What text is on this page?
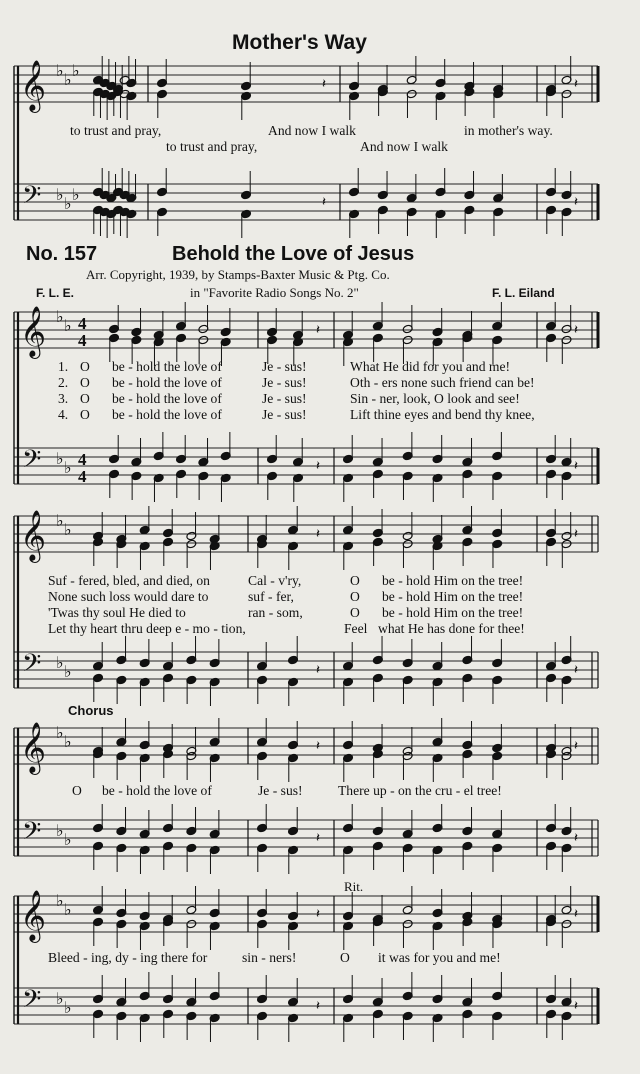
𝄞
𝄢
♭ ♭ ♭
♭ ♭ ♭
𝄽
𝄽
𝄽
𝄽
𝄞
𝄢
♭ ♭
♭ ♭
4
4
4
4
𝄽
𝄽
𝄽
𝄽
𝄞
𝄢
♭ ♭
♭ ♭
𝄽
𝄽
𝄽
𝄽
𝄞
𝄢
♭ ♭
♭ ♭
𝄽
𝄽
𝄽
𝄽
𝄞
𝄢
♭ ♭
♭ ♭
𝄽
𝄽
𝄽
𝄽
Mother's Way
to trust and pray,	And now I walk	in mother's way.
to trust and pray,	And now I walk
No. 157	Behold the Love of Jesus
Arr. Copyright, 1939, by Stamps-Baxter Music & Ptg. Co.
F. L. E.	in "Favorite Radio Songs No. 2"	F. L. Eiland
1. O be - hold the love of	Je - sus!	What He did for you and me!
2. O be - hold the love of	Je - sus!	Oth - ers none such friend can be!
3. O be - hold the love of	Je - sus!	Sin - ner, look, O look and see!
4. O be - hold the love of	Je - sus!	Lift thine eyes and bend thy knee,
Suf - fered, bled, and died, on	Cal - v'ry,	O be - hold Him on the tree!
None such loss would dare to	suf - fer,	O be - hold Him on the tree!
'Twas thy soul He died to	ran - som,	O be - hold Him on the tree!
Let thy heart thru deep e - mo - tion,	Feel what He has done for thee!
Chorus
O be - hold the love of	Je - sus!	There up - on the cru - el tree!
Rit.
Bleed - ing, dy - ing there for	sin - ners!	O it was for you and me!
